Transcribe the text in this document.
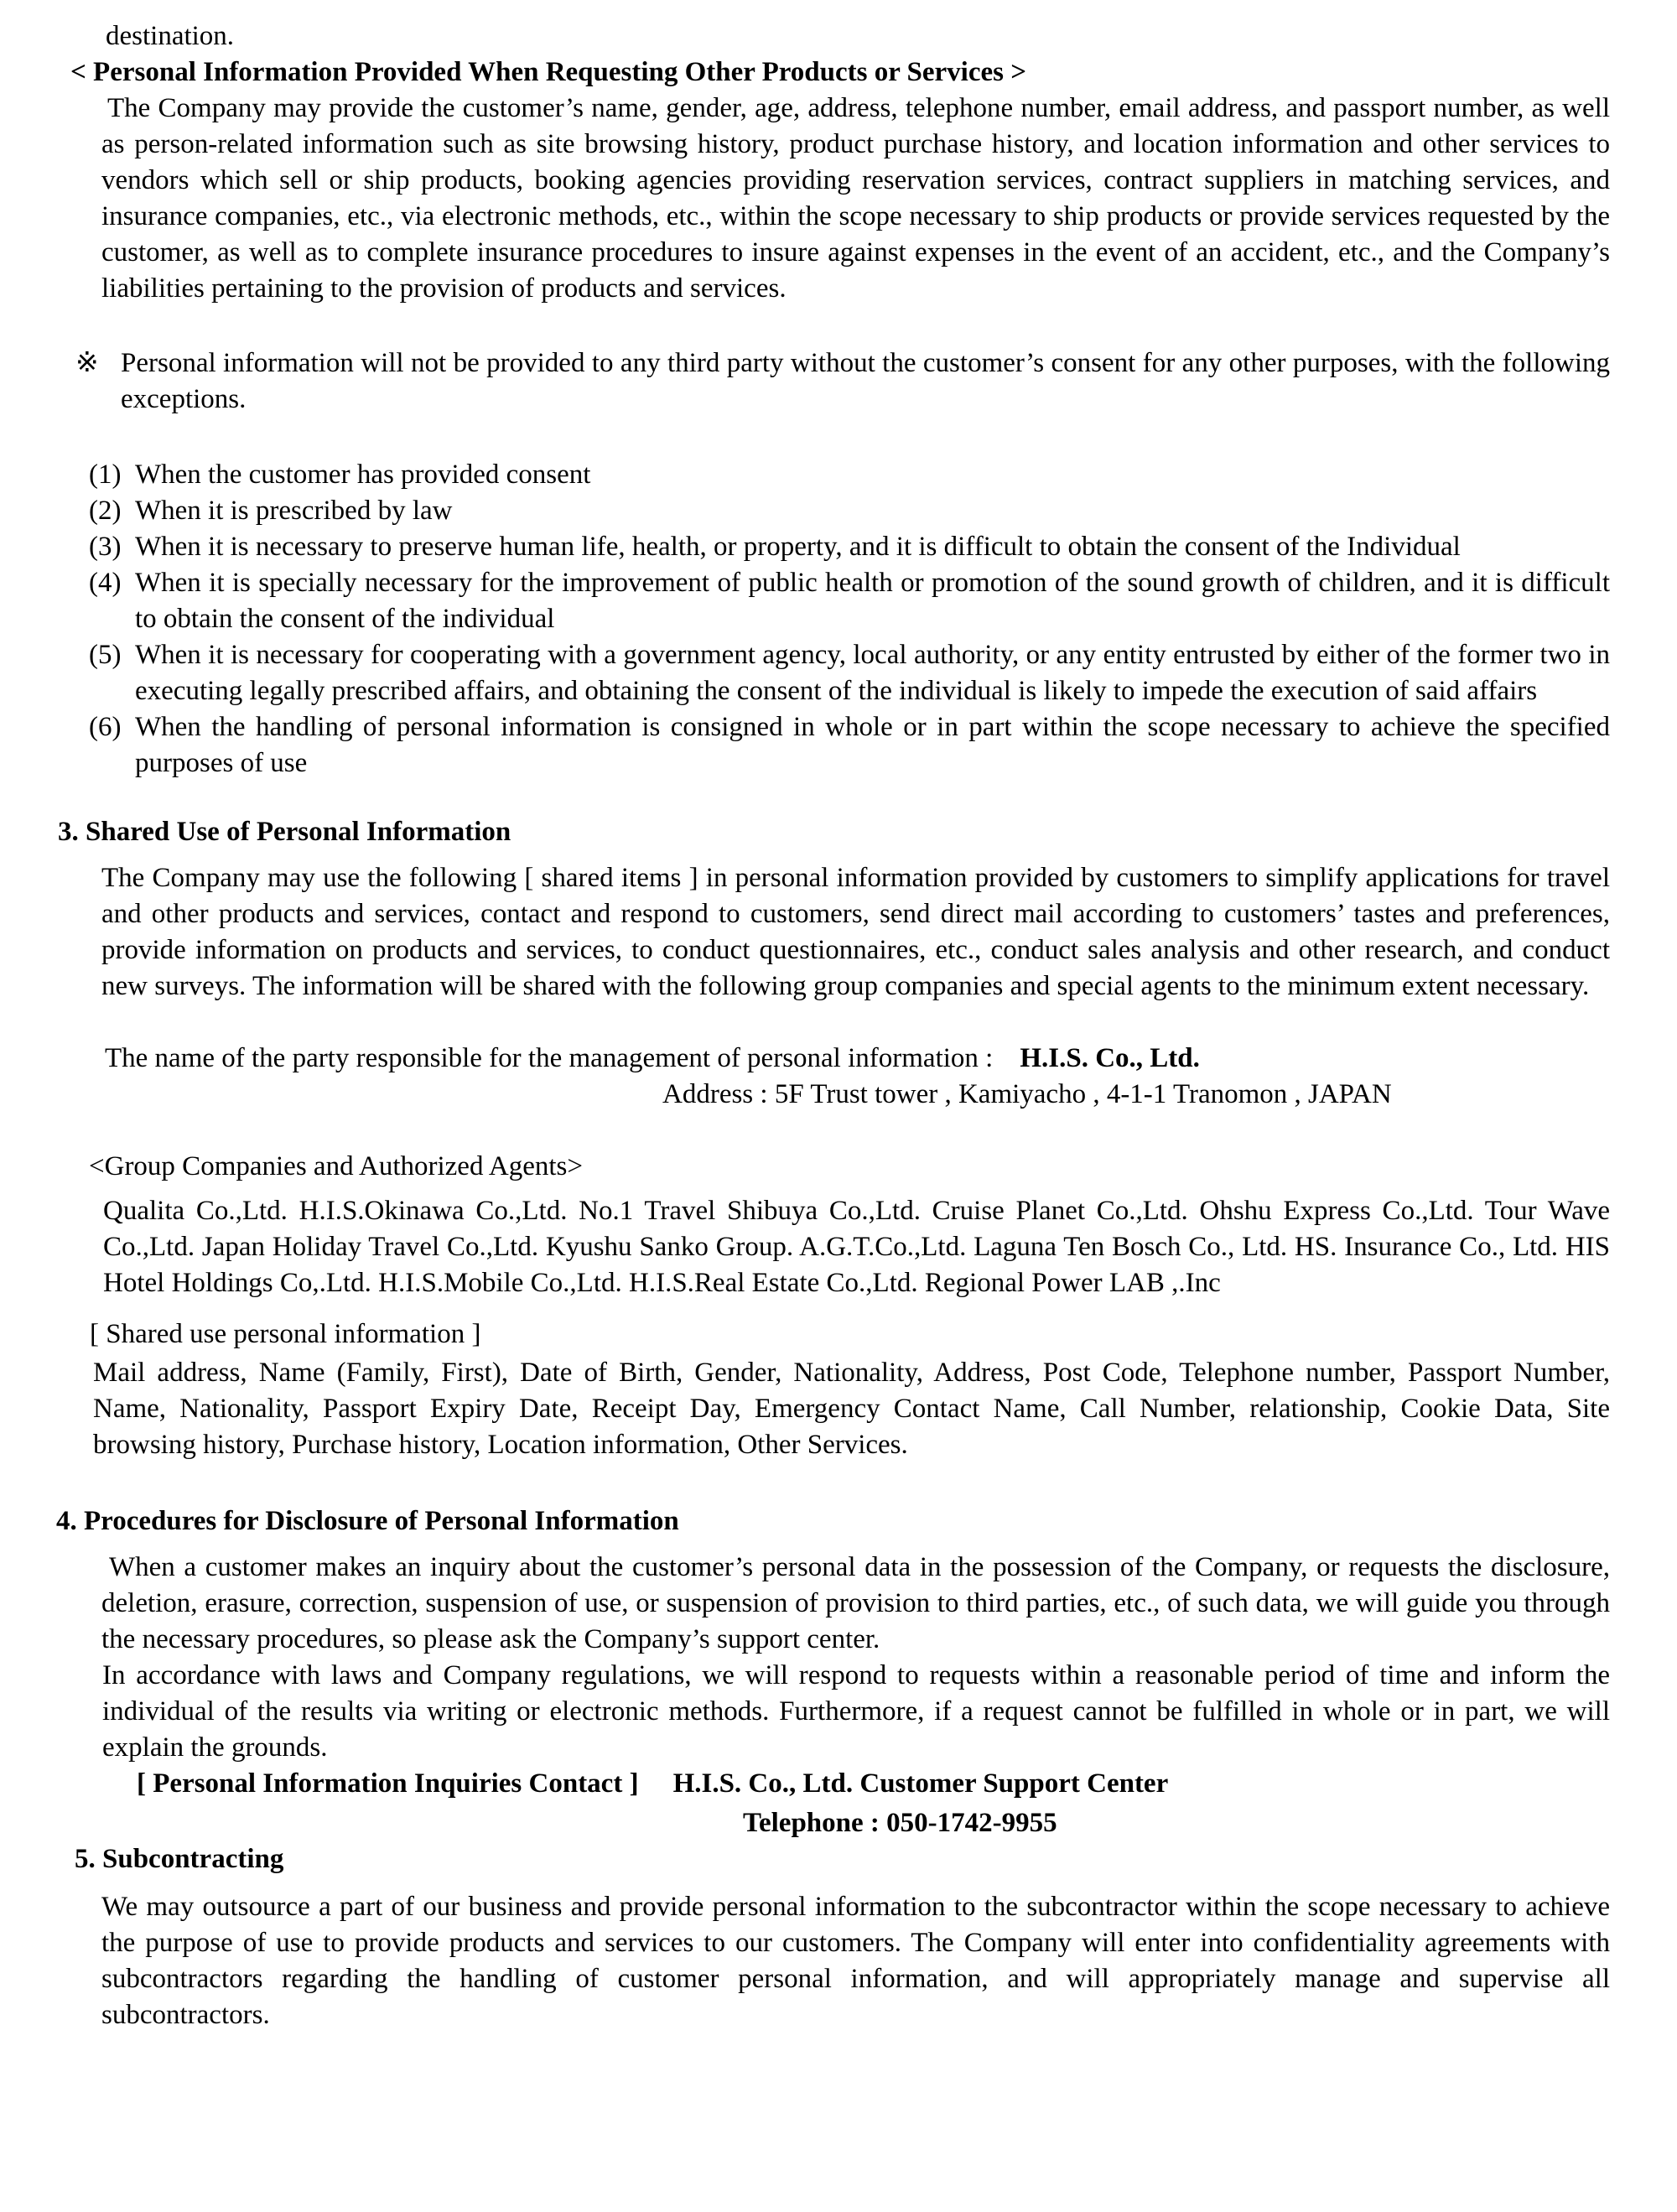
destination.
< Personal Information Provided When Requesting Other Products or Services >
The Company may provide the customer’s name, gender, age, address, telephone number, email address, and passport number, as well as person-related information such as site browsing history, product purchase history, and location information and other services to vendors which sell or ship products, booking agencies providing reservation services, contract suppliers in matching services, and insurance companies, etc., via electronic methods, etc., within the scope necessary to ship products or provide services requested by the customer, as well as to complete insurance procedures to insure against expenses in the event of an accident, etc., and the Company’s liabilities pertaining to the provision of products and services.
※ Personal information will not be provided to any third party without the customer’s consent for any other purposes, with the following exceptions.
(1) When the customer has provided consent
(2) When it is prescribed by law
(3) When it is necessary to preserve human life, health, or property, and it is difficult to obtain the consent of the Individual
(4) When it is specially necessary for the improvement of public health or promotion of the sound growth of children, and it is difficult to obtain the consent of the individual
(5) When it is necessary for cooperating with a government agency, local authority, or any entity entrusted by either of the former two in executing legally prescribed affairs, and obtaining the consent of the individual is likely to impede the execution of said affairs
(6) When the handling of personal information is consigned in whole or in part within the scope necessary to achieve the specified purposes of use
3. Shared Use of Personal Information
The Company may use the following [ shared items ] in personal information provided by customers to simplify applications for travel and other products and services, contact and respond to customers, send direct mail according to customers’ tastes and preferences, provide information on products and services, to conduct questionnaires, etc., conduct sales analysis and other research, and conduct new surveys. The information will be shared with the following group companies and special agents to the minimum extent necessary.
The name of the party responsible for the management of personal information : H.I.S. Co., Ltd.
Address : 5F Trust tower , Kamiyacho , 4-1-1 Tranomon , JAPAN
<Group Companies and Authorized Agents>
Qualita Co.,Ltd. H.I.S.Okinawa Co.,Ltd. No.1 Travel Shibuya Co.,Ltd. Cruise Planet Co.,Ltd. Ohshu Express Co.,Ltd. Tour Wave Co.,Ltd. Japan Holiday Travel Co.,Ltd. Kyushu Sanko Group. A.G.T.Co.,Ltd. Laguna Ten Bosch Co., Ltd. HS. Insurance Co., Ltd. HIS Hotel Holdings Co,.Ltd. H.I.S.Mobile Co.,Ltd. H.I.S.Real Estate Co.,Ltd. Regional Power LAB ,.Inc
[ Shared use personal information ]
Mail address, Name (Family, First), Date of Birth, Gender, Nationality, Address, Post Code, Telephone number, Passport Number, Name, Nationality, Passport Expiry Date, Receipt Day, Emergency Contact Name, Call Number, relationship, Cookie Data, Site browsing history, Purchase history, Location information, Other Services.
4. Procedures for Disclosure of Personal Information
When a customer makes an inquiry about the customer’s personal data in the possession of the Company, or requests the disclosure, deletion, erasure, correction, suspension of use, or suspension of provision to third parties, etc., of such data, we will guide you through the necessary procedures, so please ask the Company’s support center.
In accordance with laws and Company regulations, we will respond to requests within a reasonable period of time and inform the individual of the results via writing or electronic methods. Furthermore, if a request cannot be fulfilled in whole or in part, we will explain the grounds.
[ Personal Information Inquiries Contact ] H.I.S. Co., Ltd. Customer Support Center
Telephone : 050-1742-9955
5. Subcontracting
We may outsource a part of our business and provide personal information to the subcontractor within the scope necessary to achieve the purpose of use to provide products and services to our customers. The Company will enter into confidentiality agreements with subcontractors regarding the handling of customer personal information, and will appropriately manage and supervise all subcontractors.
